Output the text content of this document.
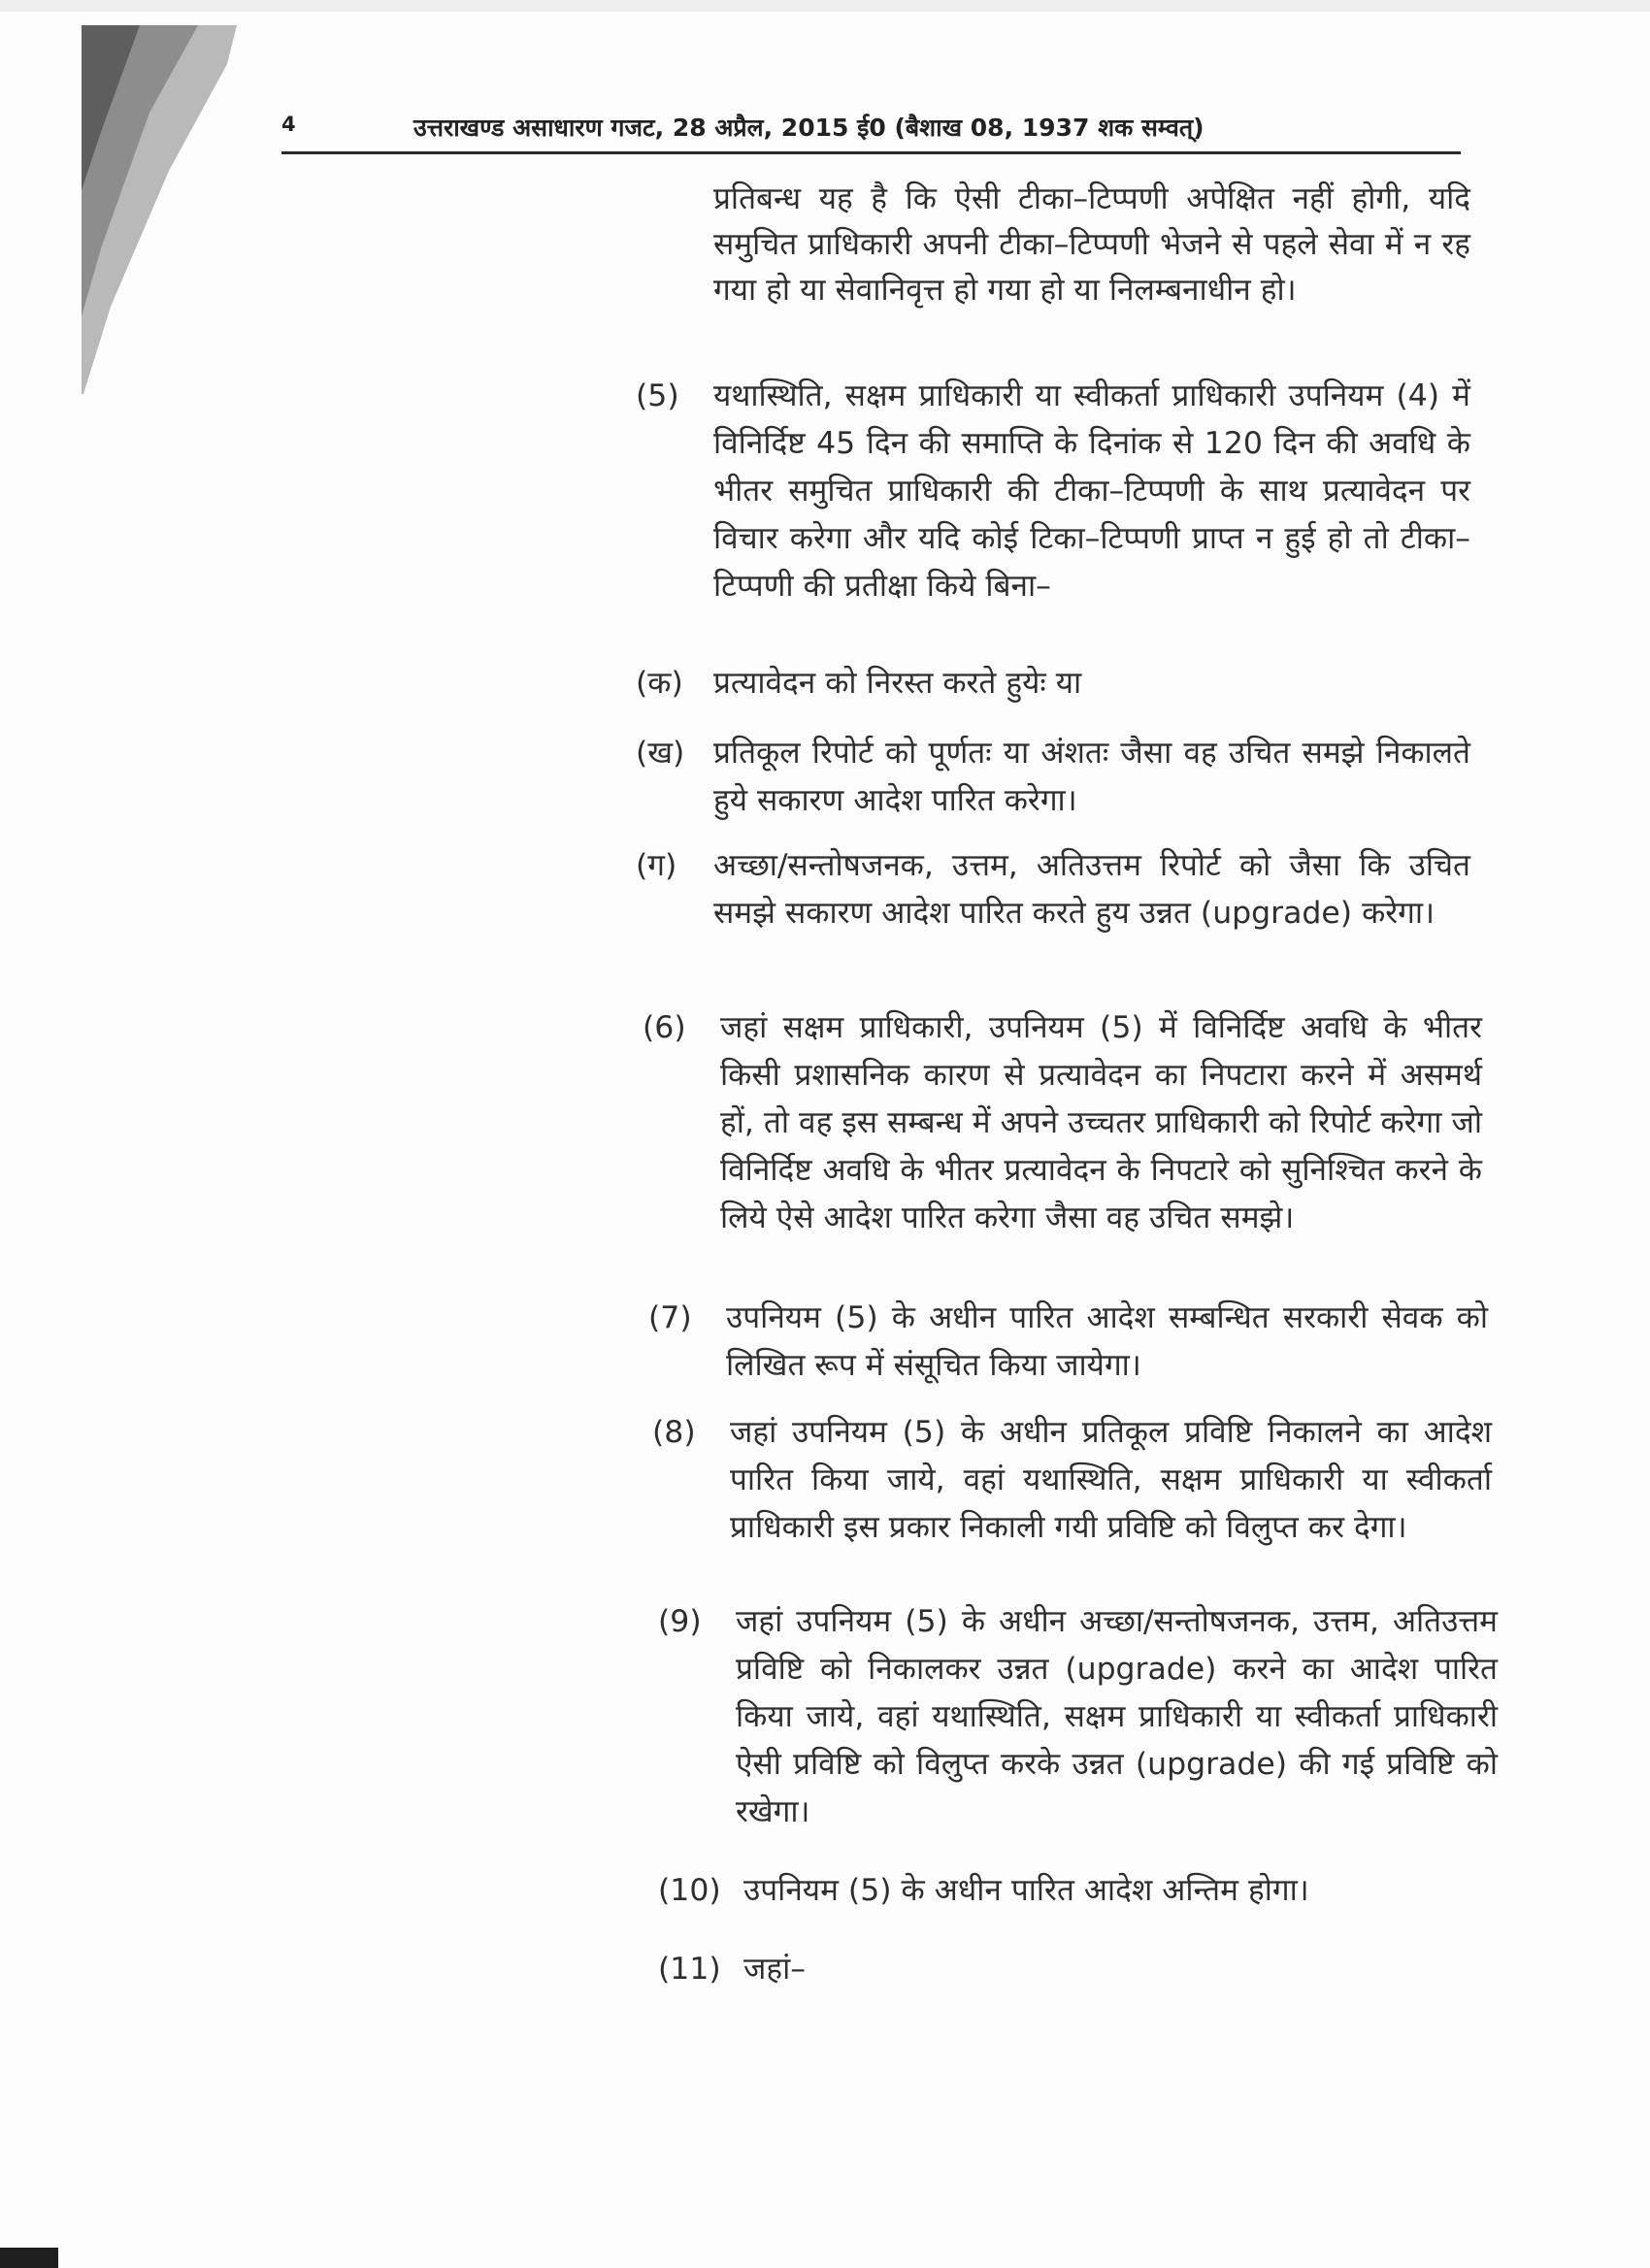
4	उत्तराखण्ड असाधारण गजट, 28 अप्रैल, 2015 ई0 (बैशाख 08, 1937 शक सम्वत्)
प्रतिबन्ध यह है कि ऐसी टीका–टिप्पणी अपेक्षित नहीं होगी, यदि समुचित प्राधिकारी अपनी टीका–टिप्पणी भेजने से पहले सेवा में न रह गया हो या सेवानिवृत्त हो गया हो या निलम्बनाधीन हो।
(5)	यथास्थिति, सक्षम प्राधिकारी या स्वीकर्ता प्राधिकारी उपनियम (4) में विनिर्दिष्ट 45 दिन की समाप्ति के दिनांक से 120 दिन की अवधि के भीतर समुचित प्राधिकारी की टीका–टिप्पणी के साथ प्रत्यावेदन पर विचार करेगा और यदि कोई टिका–टिप्पणी प्राप्त न हुई हो तो टीका–टिप्पणी की प्रतीक्षा किये बिना–
(क) प्रत्यावेदन को निरस्त करते हुयेः या
(ख) प्रतिकूल रिपोर्ट को पूर्णतः या अंशतः जैसा वह उचित समझे निकालते हुये सकारण आदेश पारित करेगा।
(ग)	अच्छा/सन्तोषजनक, उत्तम, अतिउत्तम रिपोर्ट को जैसा कि उचित समझे सकारण आदेश पारित करते हुय उन्नत (upgrade) करेगा।
(6)	जहां सक्षम प्राधिकारी, उपनियम (5) में विनिर्दिष्ट अवधि के भीतर किसी प्रशासनिक कारण से प्रत्यावेदन का निपटारा करने में असमर्थ हों, तो वह इस सम्बन्ध में अपने उच्चतर प्राधिकारी को रिपोर्ट करेगा जो विनिर्दिष्ट अवधि के भीतर प्रत्यावेदन के निपटारे को सुनिश्चित करने के लिये ऐसे आदेश पारित करेगा जैसा वह उचित समझे।
(7)	उपनियम (5) के अधीन पारित आदेश सम्बन्धित सरकारी सेवक को लिखित रूप में संसूचित किया जायेगा।
(8)	जहां उपनियम (5) के अधीन प्रतिकूल प्रविष्टि निकालने का आदेश पारित किया जाये, वहां यथास्थिति, सक्षम प्राधिकारी या स्वीकर्ता प्राधिकारी इस प्रकार निकाली गयी प्रविष्टि को विलुप्त कर देगा।
(9)	जहां उपनियम (5) के अधीन अच्छा/सन्तोषजनक, उत्तम, अतिउत्तम प्रविष्टि को निकालकर उन्नत (upgrade) करने का आदेश पारित किया जाये, वहां यथास्थिति, सक्षम प्राधिकारी या स्वीकर्ता प्राधिकारी ऐसी प्रविष्टि को विलुप्त करके उन्नत (upgrade) की गई प्रविष्टि को रखेगा।
(10) उपनियम (5) के अधीन पारित आदेश अन्तिम होगा।
(11) जहां–
